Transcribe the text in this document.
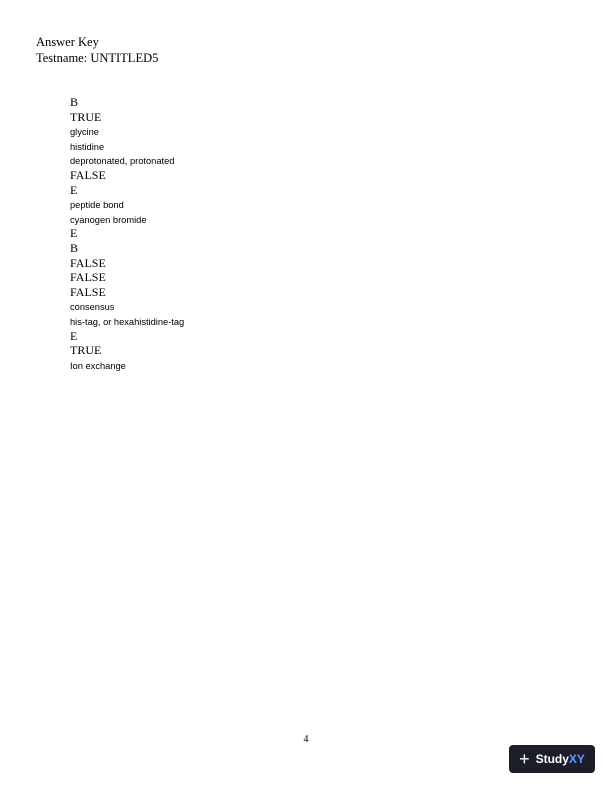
Answer Key
Testname: UNTITLED5
B
TRUE
glycine
histidine
deprotonated, protonated
FALSE
E
peptide bond
cyanogen bromide
E
B
FALSE
FALSE
FALSE
consensus
his-tag, or hexahistidine-tag
E
TRUE
Ion exchange
4
+ Study XY
